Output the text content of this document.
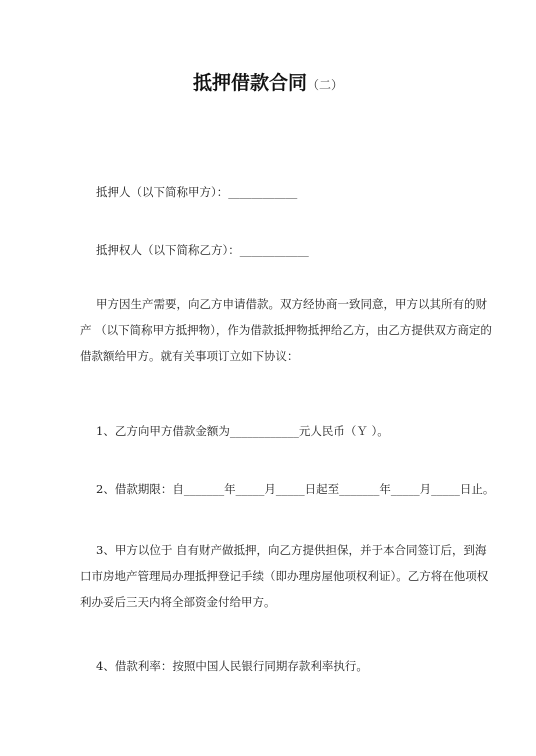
抵押借款合同（二）
抵押人（以下简称甲方）：____________
抵押权人（以下简称乙方）：____________
甲方因生产需要，向乙方申请借款。双方经协商一致同意，甲方以其所有的财
产 （以下简称甲方抵押物），作为借款抵押物抵押给乙方，由乙方提供双方商定的
借款额给甲方。就有关事项订立如下协议：
1、乙方向甲方借款金额为____________元人民币（Ｙ ）。
2、借款期限：自_______年_____月_____日起至_______年_____月_____日止。
3、甲方以位于 自有财产做抵押，向乙方提供担保，并于本合同签订后，到海
口市房地产管理局办理抵押登记手续（即办理房屋他项权利证）。乙方将在他项权
利办妥后三天内将全部资金付给甲方。
4、借款利率：按照中国人民银行同期存款利率执行。
